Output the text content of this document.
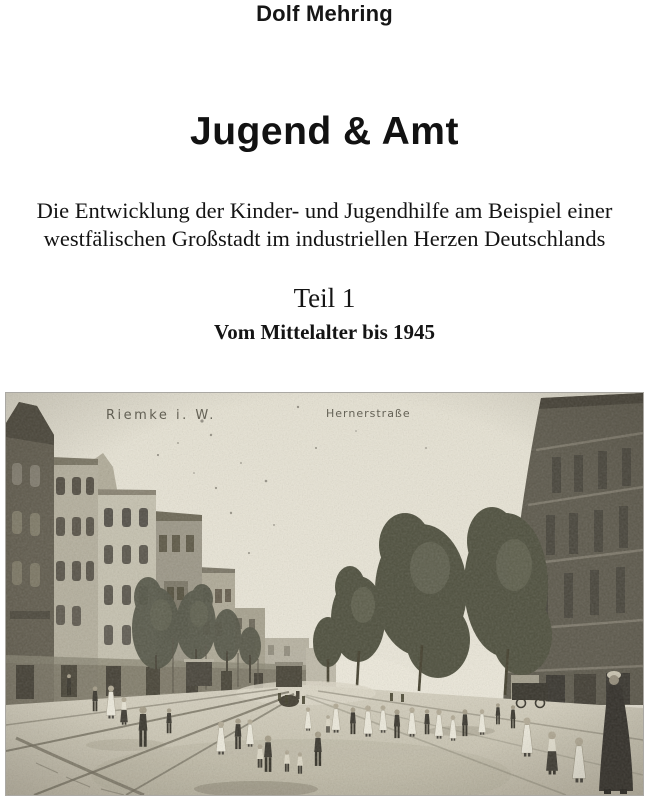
Dolf Mehring
Jugend & Amt
Die Entwicklung der Kinder- und Jugendhilfe am Beispiel einer
westfälischen Großstadt im industriellen Herzen Deutschlands
Teil 1
Vom Mittelalter bis 1945
